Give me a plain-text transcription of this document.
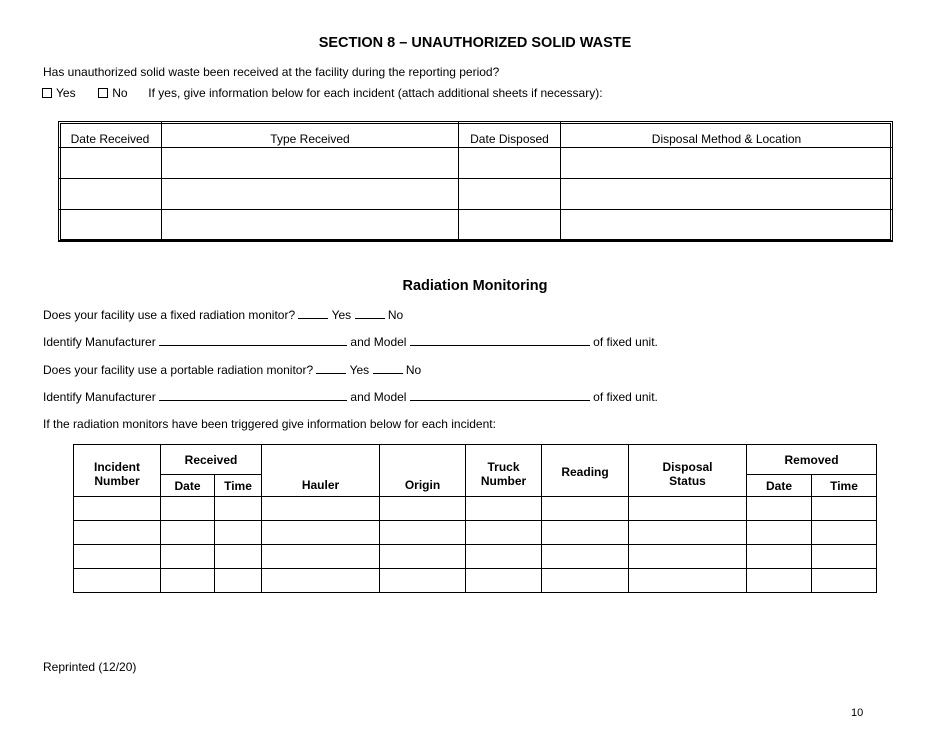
SECTION 8 – UNAUTHORIZED SOLID WASTE
Has unauthorized solid waste been received at the facility during the reporting period?
Yes	No If yes, give information below for each incident (attach additional sheets if necessary):
Date Received	Type Received	Date Disposed	Disposal Method & Location

Radiation Monitoring
Does your facility use a fixed radiation monitor?	Yes	No
Identify Manufacturer	and Model	of fixed unit.
Does your facility use a portable radiation monitor?	Yes	No
Identify Manufacturer	and Model	of fixed unit.
If the radiation monitors have been triggered give information below for each incident:
Incident Number	Received		Hauler	Origin	Truck Number	Reading	Disposal Status	Removed	
	Date	Time						Date	Time

Reprinted (12/20)
10
